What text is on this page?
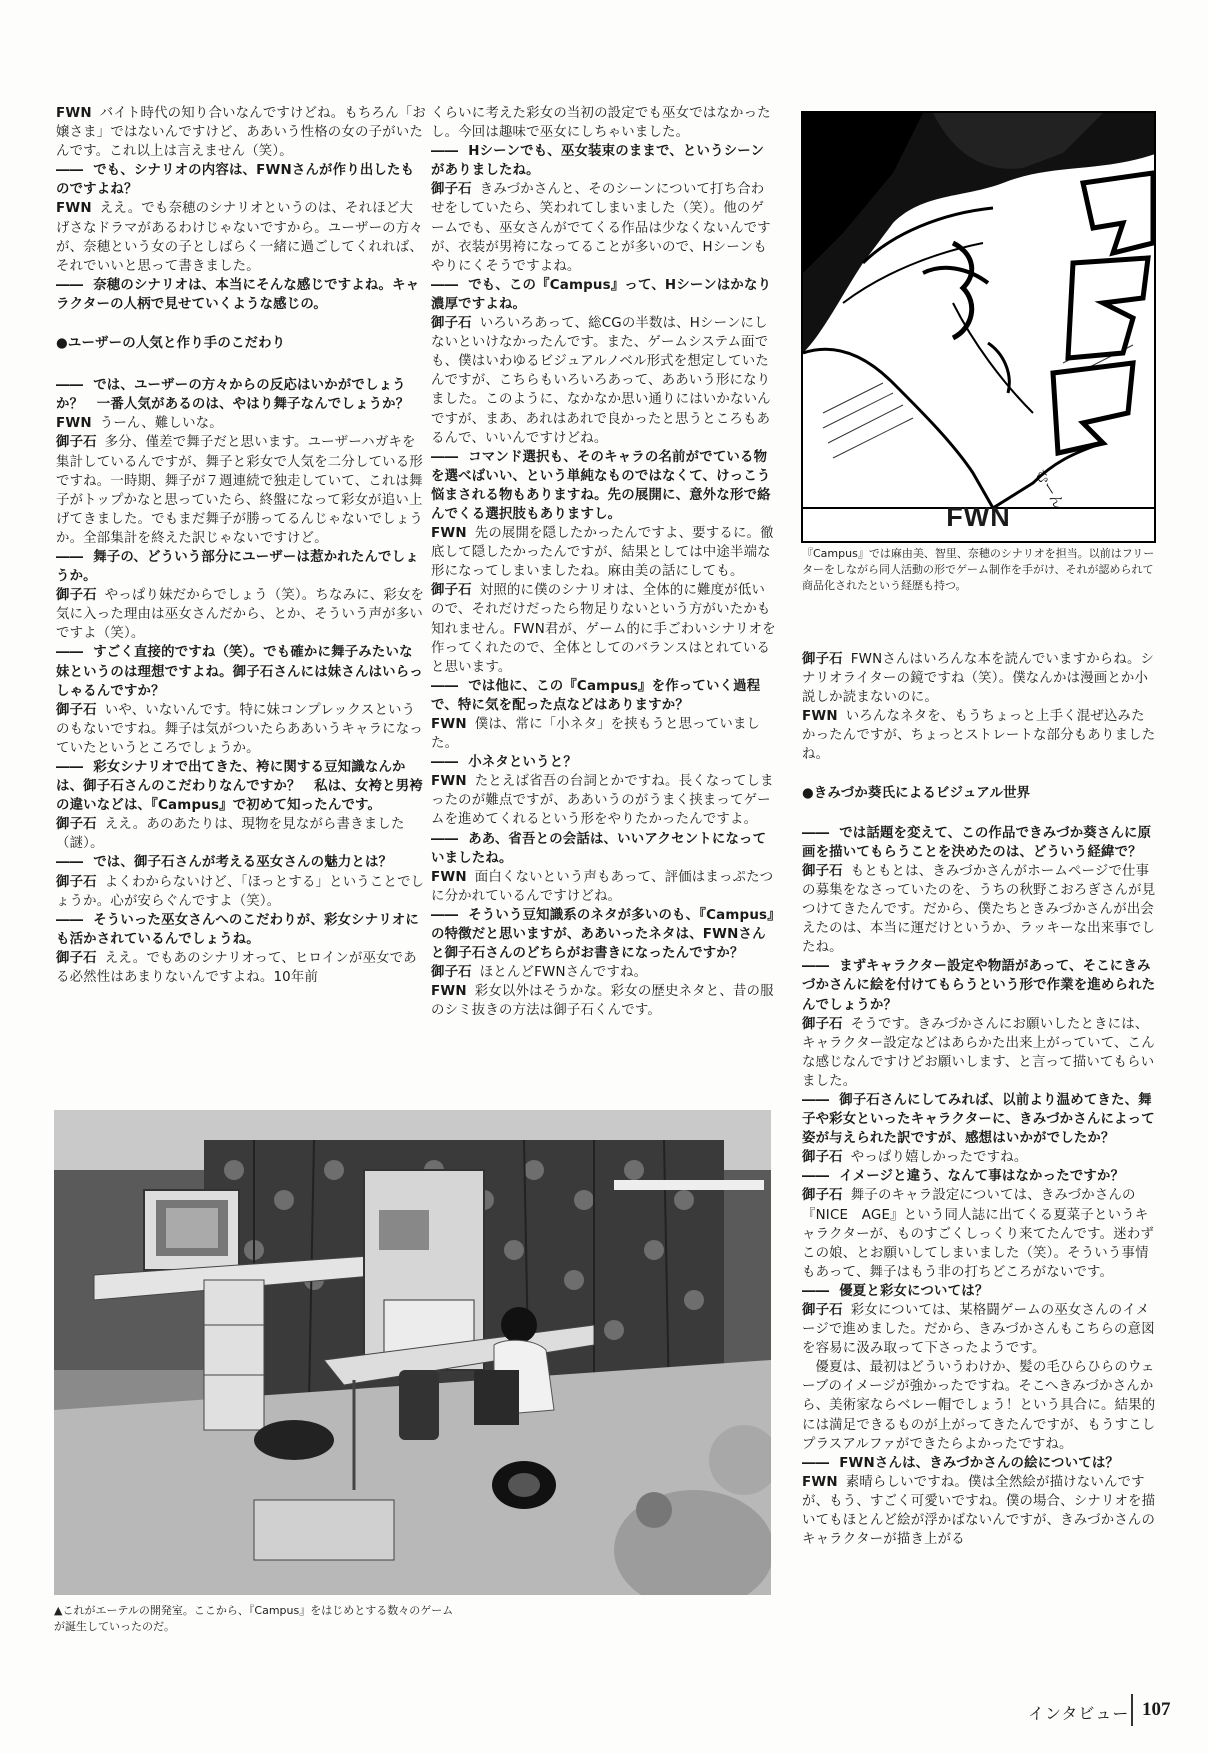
FWN バイト時代の知り合いなんですけどね。もちろん「お嬢さま」ではないんですけど、ああいう性格の女の子がいたんです。これ以上は言えません（笑）。

―― でも、シナリオの内容は、FWNさんが作り出したものですよね？

FWN ええ。でも奈穂のシナリオというのは、それほど大げさなドラマがあるわけじゃないですから。ユーザーの方々が、奈穂という女の子としばらく一緒に過ごしてくれれば、それでいいと思って書きました。

―― 奈穂のシナリオは、本当にそんな感じですよね。キャラクターの人柄で見せていくような感じの。

●ユーザーの人気と作り手のこだわり

―― では、ユーザーの方々からの反応はいかがでしょうか？　一番人気があるのは、やはり舞子なんでしょうか？

FWN うーん、難しいな。

御子石 多分、僅差で舞子だと思います。ユーザーハガキを集計しているんですが、舞子と彩女で人気を二分している形ですね。一時期、舞子が７週連続で独走していて、これは舞子がトップかなと思っていたら、終盤になって彩女が追い上げてきました。でもまだ舞子が勝ってるんじゃないでしょうか。全部集計を終えた訳じゃないですけど。

―― 舞子の、どういう部分にユーザーは惹かれたんでしょうか。

御子石 やっぱり妹だからでしょう（笑）。ちなみに、彩女を気に入った理由は巫女さんだから、とか、そういう声が多いですよ（笑）。

―― すごく直接的ですね（笑）。でも確かに舞子みたいな妹というのは理想ですよね。御子石さんには妹さんはいらっしゃるんですか？

御子石 いや、いないんです。特に妹コンプレックスというのもないですね。舞子は気がついたらああいうキャラになっていたというところでしょうか。

―― 彩女シナリオで出てきた、袴に関する豆知識なんかは、御子石さんのこだわりなんですか？　私は、女袴と男袴の違いなどは、『Campus』で初めて知ったんです。

御子石 ええ。あのあたりは、現物を見ながら書きました（謎）。

―― では、御子石さんが考える巫女さんの魅力とは？

御子石 よくわからないけど、「ほっとする」ということでしょうか。心が安らぐんですよ（笑）。

―― そういった巫女さんへのこだわりが、彩女シナリオにも活かされているんでしょうね。

御子石 ええ。でもあのシナリオって、ヒロインが巫女である必然性はあまりないんですよね。10年前

くらいに考えた彩女の当初の設定でも巫女ではなかったし。今回は趣味で巫女にしちゃいました。

―― Hシーンでも、巫女装束のままで、というシーンがありましたね。

御子石 きみづかさんと、そのシーンについて打ち合わせをしていたら、笑われてしまいました（笑）。他のゲームでも、巫女さんがでてくる作品は少なくないんですが、衣装が男袴になってることが多いので、Hシーンもやりにくそうですよね。

―― でも、この『Campus』って、Hシーンはかなり濃厚ですよね。

御子石 いろいろあって、総CGの半数は、Hシーンにしないといけなかったんです。また、ゲームシステム面でも、僕はいわゆるビジュアルノベル形式を想定していたんですが、こちらもいろいろあって、ああいう形になりました。このように、なかなか思い通りにはいかないんですが、まあ、あれはあれで良かったと思うところもあるんで、いいんですけどね。

―― コマンド選択も、そのキャラの名前がでている物を選べばいい、という単純なものではなくて、けっこう悩まされる物もありますね。先の展開に、意外な形で絡んでくる選択肢もありますし。

FWN 先の展開を隠したかったんですよ、要するに。徹底して隠したかったんですが、結果としては中途半端な形になってしまいましたね。麻由美の話にしても。

御子石 対照的に僕のシナリオは、全体的に難度が低いので、それだけだったら物足りないという方がいたかも知れません。FWN君が、ゲーム的に手ごわいシナリオを作ってくれたので、全体としてのバランスはとれていると思います。

―― では他に、この『Campus』を作っていく過程で、特に気を配った点などはありますか？

FWN 僕は、常に「小ネタ」を挟もうと思っていました。

―― 小ネタというと？

FWN たとえば省吾の台詞とかですね。長くなってしまったのが難点ですが、ああいうのがうまく挟まってゲームを進めてくれるという形をやりたかったんですよ。

―― ああ、省吾との会話は、いいアクセントになっていましたね。

FWN 面白くないという声もあって、評価はまっぷたつに分かれているんですけどね。

―― そういう豆知識系のネタが多いのも、『Campus』の特徴だと思いますが、ああいったネタは、FWNさんと御子石さんのどちらがお書きになったんですか？

御子石 ほとんどFWNさんですね。

FWN 彩女以外はそうかな。彩女の歴史ネタと、昔の服のシミ抜きの方法は御子石くんです。

むーん
FWN
『Campus』では麻由美、智里、奈穂のシナリオを担当。以前はフリーターをしながら同人活動の形でゲーム制作を手がけ、それが認められて商品化されたという経歴も持つ。

御子石 FWNさんはいろんな本を読んでいますからね。シナリオライターの鏡ですね（笑）。僕なんかは漫画とか小説しか読まないのに。

FWN いろんなネタを、もうちょっと上手く混ぜ込みたかったんですが、ちょっとストレートな部分もありましたね。

●きみづか葵氏によるビジュアル世界

―― では話題を変えて、この作品できみづか葵さんに原画を描いてもらうことを決めたのは、どういう経緯で？

御子石 もともとは、きみづかさんがホームページで仕事の募集をなさっていたのを、うちの秋野こおろぎさんが見つけてきたんです。だから、僕たちときみづかさんが出会えたのは、本当に運だけというか、ラッキーな出来事でしたね。

―― まずキャラクター設定や物語があって、そこにきみづかさんに絵を付けてもらうという形で作業を進められたんでしょうか？

御子石 そうです。きみづかさんにお願いしたときには、キャラクター設定などはあらかた出来上がっていて、こんな感じなんですけどお願いします、と言って描いてもらいました。

―― 御子石さんにしてみれば、以前より温めてきた、舞子や彩女といったキャラクターに、きみづかさんによって姿が与えられた訳ですが、感想はいかがでしたか？

御子石 やっぱり嬉しかったですね。

―― イメージと違う、なんて事はなかったですか？

御子石 舞子のキャラ設定については、きみづかさんの『NICE　AGE』という同人誌に出てくる夏菜子というキャラクターが、ものすごくしっくり来てたんです。迷わずこの娘、とお願いしてしまいました（笑）。そういう事情もあって、舞子はもう非の打ちどころがないです。

―― 優夏と彩女については？

御子石 彩女については、某格闘ゲームの巫女さんのイメージで進めました。だから、きみづかさんもこちらの意図を容易に汲み取って下さったようです。

優夏は、最初はどういうわけか、髪の毛ひらひらのウェーブのイメージが強かったですね。そこへきみづかさんから、美術家ならベレー帽でしょう！という具合に。結果的には満足できるものが上がってきたんですが、もうすこしプラスアルファができたらよかったですね。

―― FWNさんは、きみづかさんの絵については？

FWN 素晴らしいですね。僕は全然絵が描けないんですが、もう、すごく可愛いですね。僕の場合、シナリオを描いてもほとんど絵が浮かばないんですが、きみづかさんのキャラクターが描き上がる

▲これがエーテルの開発室。ここから、『Campus』をはじめとする数々のゲームが誕生していったのだ。
インタビュー 107
